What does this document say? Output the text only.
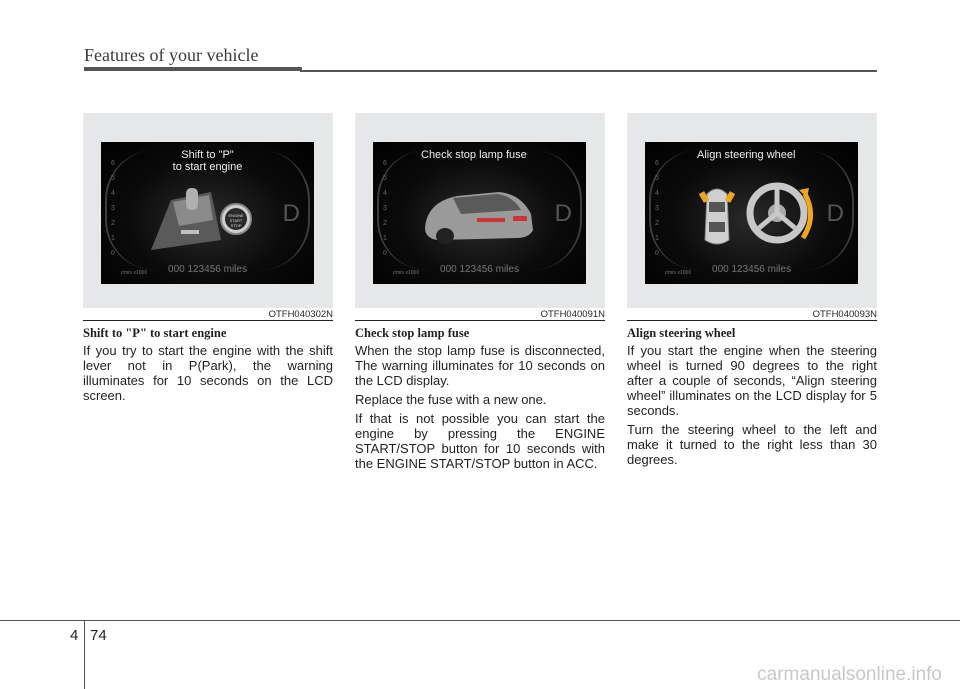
Features of your vehicle
6
5
4
3
2
1
0
D
Shift to "P"
to start engine
ENGINE
START
STOP
r/min x1000	000 123456 miles
OTFH040302N
Shift to "P" to start engine

If you try to start the engine with the shift lever not in P(Park), the warning illuminates for 10 seconds on the LCD screen.

6
5
4
3
2
1
0
D
Check stop lamp fuse
r/min x1000	000 123456 miles
OTFH040091N
Check stop lamp fuse

When the stop lamp fuse is disconnected, The warning illuminates for 10 seconds on the LCD display.

Replace the fuse with a new one.

If that is not possible you can start the engine by pressing the ENGINE START/STOP button for 10 seconds with the ENGINE START/STOP button in ACC.

6
5
4
3
2
1
0
D
Align steering wheel
r/min x1000	000 123456 miles
OTFH040093N
Align steering wheel

If you start the engine when the steering wheel is turned 90 degrees to the right after a couple of seconds, “Align steering wheel” illuminates on the LCD display for 5 seconds.

Turn the steering wheel to the left and make it turned to the right less than 30 degrees.

4 74
carmanualsonline.info
